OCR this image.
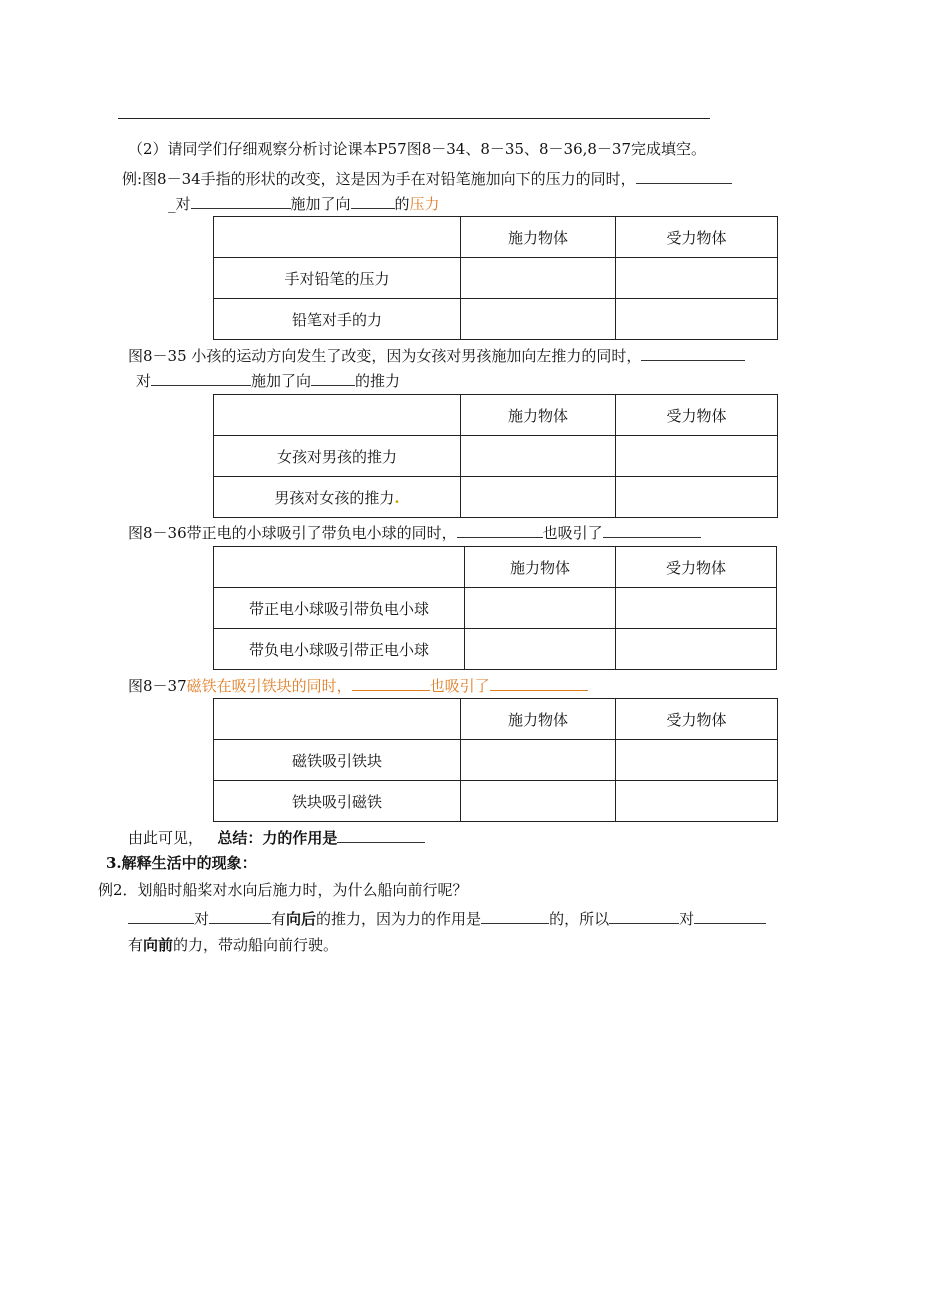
（2）请同学们仔细观察分析讨论课本P57图8－34、8－35、8－36,8－37完成填空。
例:图8－34手指的形状的改变，这是因为手在对铅笔施加向下的压力的同时，
_对	施加了向	的压力
	施力物体	受力物体
手对铅笔的压力		
铅笔对手的力		
图8－35 小孩的运动方向发生了改变，因为女孩对男孩施加向左推力的同时，
对	施加了向	的推力
	施力物体	受力物体
女孩对男孩的推力		
男孩对女孩的推力.		
图8－36带正电的小球吸引了带负电小球的同时，	也吸引了
	施力物体	受力物体
带正电小球吸引带负电小球		
带负电小球吸引带正电小球		
图8－37磁铁在吸引铁块的同时，	也吸引了
	施力物体	受力物体
磁铁吸引铁块		
铁块吸引磁铁		
由此可见， 总结：力的作用是
3.解释生活中的现象：
例2．划船时船桨对水向后施力时，为什么船向前行呢？
对	有向后的推力，因为力的作用是	的，所以	对
有向前的力，带动船向前行驶。
